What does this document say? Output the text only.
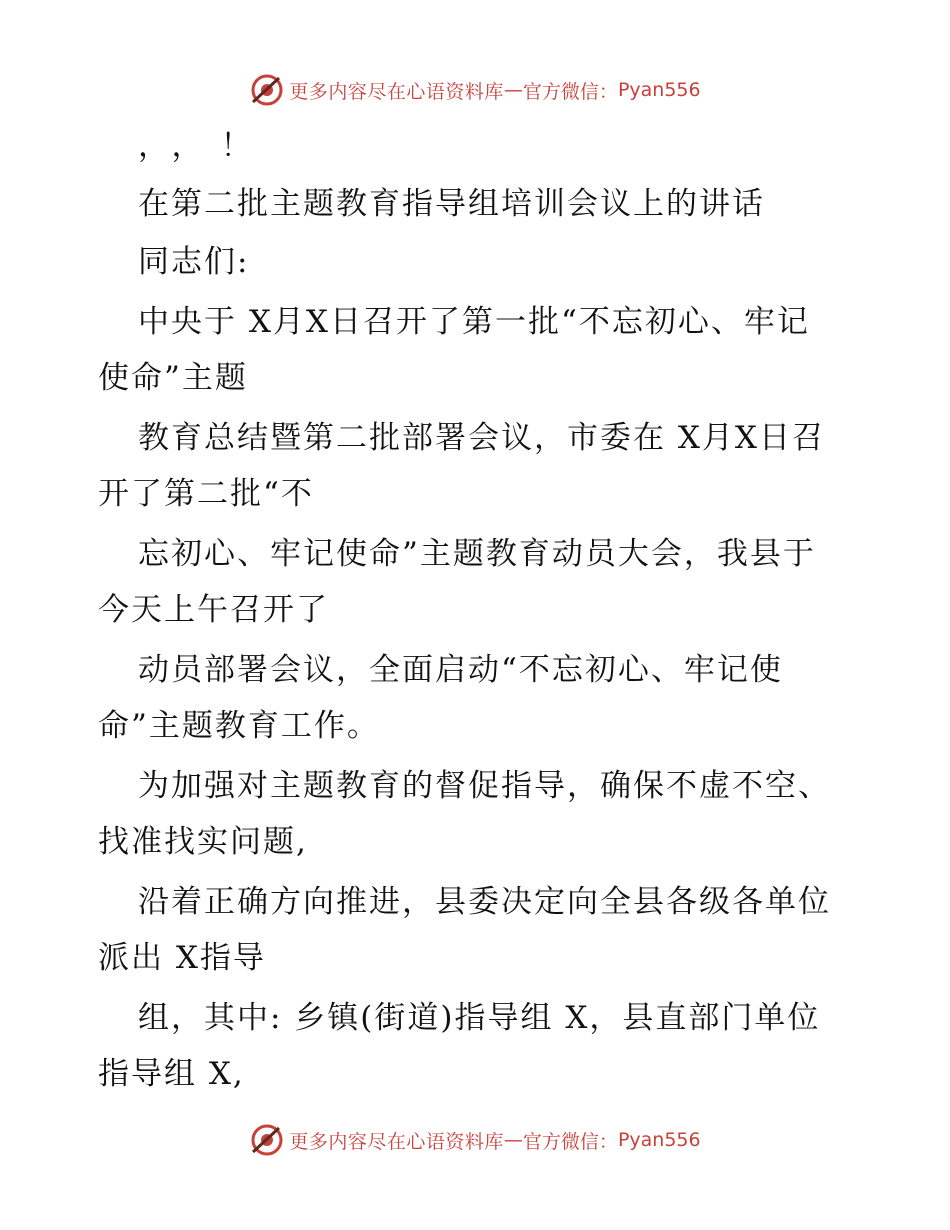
更多内容尽在心语资料库 — 官方微信： Pyan556
，，！
在第二批主题教育指导组培训会议上的讲话
同志们:
中央于 X月X日召开了第一批“不忘初心、牢记
使命”主题
教育总结暨第二批部署会议，市委在 X月X日召
开了第二批“不
忘初心、牢记使命”主题教育动员大会，我县于
今天上午召开了
动员部署会议，全面启动“不忘初心、牢记使
命”主题教育工作。
为加强对主题教育的督促指导，确保不虚不空、
找准找实问题,
沿着正确方向推进，县委决定向全县各级各单位
派出 X指导
组，其中: 乡镇(街道)指导组 X，县直部门单位
指导组 X,
更多内容尽在心语资料库 — 官方微信： Pyan556
